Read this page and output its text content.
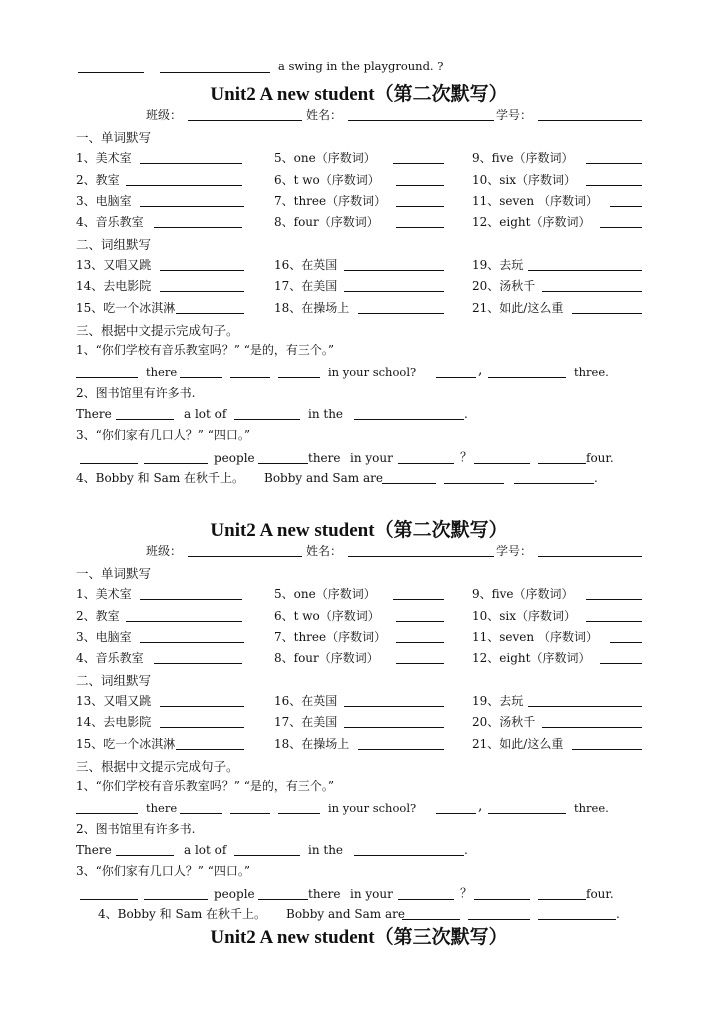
a swing in the playground. ?
Unit2 A new student（第二次默写）
班级：	姓名：	学号：
一、单词默写
1、美术室	5、one（序数词）	9、five（序数词）
2、教室	6、t wo（序数词）	10、six（序数词）
3、电脑室	7、three（序数词）	11、seven （序数词）
4、音乐教室	8、four（序数词）	12、eight（序数词）
二、词组默写
13、又唱又跳	16、在英国	19、去玩
14、去电影院	17、在美国	20、汤秋千
15、吃一个冰淇淋	18、在操场上	21、如此/这么重
三、根据中文提示完成句子。
1、“你们学校有音乐教室吗？” “是的，有三个。”
there	in your school?	,	three.
2、图书馆里有许多书.
There	a lot of	in the	.
3、“你们家有几口人？” “四口。”
people	there in your	？	four.
4、Bobby 和 Sam 在秋千上。 Bobby and Sam are	.
Unit2 A new student（第二次默写）
班级：	姓名：	学号：
一、单词默写
1、美术室	5、one（序数词）	9、five（序数词）
2、教室	6、t wo（序数词）	10、six（序数词）
3、电脑室	7、three（序数词）	11、seven （序数词）
4、音乐教室	8、four（序数词）	12、eight（序数词）
二、词组默写
13、又唱又跳	16、在英国	19、去玩
14、去电影院	17、在美国	20、汤秋千
15、吃一个冰淇淋	18、在操场上	21、如此/这么重
三、根据中文提示完成句子。
1、“你们学校有音乐教室吗？” “是的，有三个。”
there	in your school?	,	three.
2、图书馆里有许多书.
There	a lot of	in the	.
3、“你们家有几口人？” “四口。”
people	there in your	？	four.
4、Bobby 和 Sam 在秋千上。 Bobby and Sam are	.
Unit2 A new student（第三次默写）
